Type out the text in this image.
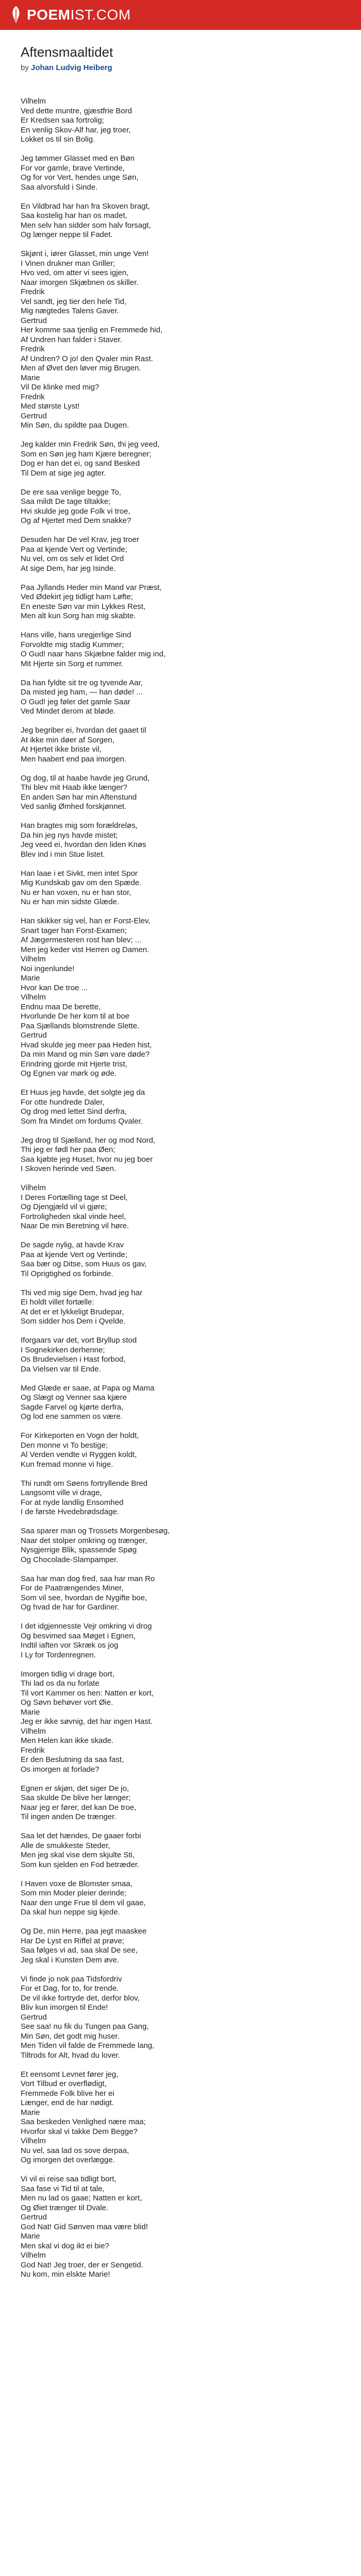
POEM IST.COM
Aftensmaaltidet
by Johan Ludvig Heiberg

Vilhelm
Ved dette muntre, gjæstfrie Bord
Er Kredsen saa fortrolig;
En venlig Skov-Alf har, jeg troer,
Lokket os til sin Bolig.

Jeg tømmer Glasset med en Bøn
For vor gamle, brave Vertinde,
Og for vor Vert, hendes unge Søn,
Saa alvorsfuld i Sinde.

En Vildbrad har han fra Skoven bragt,
Saa kostelig har han os madet,
Men selv han sidder som halv forsagt,
Og længer neppe til Fadet.

Skjønt i, iører Glasset, min unge Ven!
I Vinen drukner man Griller;
Hvo ved, om atter vi sees igjen,
Naar imorgen Skjæbnen os skiller.
Fredrik
Vel sandt, jeg tier den hele Tid,
Mig nægtedes Talens Gaver.
Gertrud
Her komme saa tjenlig en Fremmede hid,
Af Undren han falder i Staver.
Fredrik
Af Undren? O jo! den Qvaler min Rast.
Men af Øvet den løver mig Brugen.
Marie
Vil De klinke med mig?
Fredrik
Med største Lyst!
Gertrud
Min Søn, du spildte paa Dugen.

Jeg kalder min Fredrik Søn, thi jeg veed,
Som en Søn jeg ham Kjære beregner;
Dog er han det ei, og sand Besked
Til Dem at sige jeg agter.

De ere saa venlige begge To,
Saa mildt De tage tiltakke;
Hvi skulde jeg gode Folk vi troe,
Og af Hjertet med Dem snakke?

Desuden har De vel Krav, jeg troer
Paa at kjende Vert og Vertinde;
Nu vel, om os selv et lidet Ord
At sige Dem, har jeg Isinde.

Paa Jyllands Heder min Mand var Præst,
Ved Ødekirt jeg tidligt ham Løfte;
En eneste Søn var min Lykkes Rest,
Men alt kun Sorg han mig skabte.

Hans ville, hans uregjerlige Sind
Forvoldte mig stadig Kummer;
O Gud! naar hans Skjæbne falder mig ind,
Mit Hjerte sin Sorg et rummer.

Da han fyldte sit tre og tyvende Aar,
Da misted jeg ham, — han døde! ...
O Gud! jeg føler det gamle Saar
Ved Mindet derom at bløde.

Jeg begriber ei, hvordan det gaaet til
At ikke min døer af Sorgen,
At Hjertet ikke briste vil,
Men haabert end paa imorgen.

Og dog, til at haabe havde jeg Grund,
Thi blev mit Haab ikke længer?
En anden Søn har min Aftenstund
Ved sanlig Ømhed forskjønnet.

Han bragtes mig som forældreløs,
Da hin jeg nys havde mistet;
Jeg veed ei, hvordan den liden Knøs
Blev ind i min Stue listet.

Han laae i et Sivkt, men intet Spor
Mig Kundskab gav om den Spæde.
Nu er han voxen, nu er han stor,
Nu er han min sidste Glæde.

Han skikker sig vel, han er Forst-Elev,
Snart tager han Forst-Examen;
Af Jægermesteren rost han blev; ...
Men jeg keder vist Herren og Damen.
Vilhelm
Noi ingenlunde!
Marie
Hvor kan De troe ...
Vilhelm
Endnu maa De berette,
Hvorlunde De her kom til at boe
Paa Sjællands blomstrende Slette.
Gertrud
Hvad skulde jeg meer paa Heden hist,
Da min Mand og min Søn vare døde?
Erindring gjorde mit Hjerte trist,
Og Egnen var mørk og øde.

Et Huus jeg havde, det solgte jeg da
For otte hundrede Daler,
Og drog med lettet Sind derfra,
Som fra Mindet om fordums Qvaler.

Jeg drog til Sjælland, her og mod Nord,
Thi jeg er fødl her paa Øen;
Saa kjøbte jeg Huset, hvor nu jeg boer
I Skoven herinde ved Søen.

Vilhelm
I Deres Fortælling tage st Deel,
Og Djengjæld vil vi gjøre;
Fortroligheden skal vinde heel,
Naar De min Beretning vil høre.

De sagde nylig, at havde Krav
Paa at kjende Vert og Vertinde;
Saa bær og Ditse, som Huus os gav,
Til Oprigtighed os forbinde.

Thi ved mig sige Dem, hvad jeg har
Ei holdt villet fortælle:
At det er et lykkeligt Brudepar,
Som sidder hos Dem i Qvelde.

Iforgaars var det, vort Bryllup stod
I Sognekirken derhenne;
Os Brudevielsen i Hast forbod,
Da Vielsen var til Ende.

Med Glæde er saae, at Papa og Mama
Og Slægt og Venner saa kjære
Sagde Farvel og kjørte derfra,
Og lod ene sammen os være.

For Kirkeporten en Vogn der holdt,
Den monne vi To bestige;
Al Verden vendte vi Ryggen koldt,
Kun fremad monne vi hige.

Thi rundt om Søens fortryllende Bred
Langsomt ville vi drage,
For at nyde landlig Ensomhed
I de første Hvedebrødsdage.

Saa sparer man og Trossets Morgenbesøg,
Naar det stolper omkring og trænger,
Nysgjerrige Blik, spassende Spøg
Og Chocolade-Slampamper.

Saa har man dog fred, saa har man Ro
For de Paatrængendes Miner,
Som vil see, hvordan de Nygifte boe,
Og hvad de har for Gardiner.

I det idgjennesste Vejr omkring vi drog
Og besvimed saa Møget i Egnen,
Indtil iaften vor Skræk os jog
I Ly for Tordenregnen.

Imorgen tidlig vi drage bort,
Thi lad os da nu forlate
Til vort Kammer os hen: Natten er kort,
Og Søvn behøver vort Øie.
Marie
Jeg er ikke søvnig, det har ingen Hast.
Vilhelm
Men Helen kan ikke skade.
Fredrik
Er den Beslutning da saa fast,
Os imorgen at forlade?

Egnen er skjøn, det siger De jo,
Saa skulde De blive her længer;
Naar jeg er fører, det kan De troe,
Til ingen anden De trænger.

Saa let det hændes, De gaaer forbi
Alle de smukkeste Steder,
Men jeg skal vise dem skjulte Sti,
Som kun sjelden en Fod betræder.

I Haven voxe de Blomster smaa,
Som min Moder pleier derinde;
Naar den unge Frue til dem vil gaae,
Da skal hun neppe sig kjede.

Og De, min Herre, paa jegt maaskee
Har De Lyst en Riffel at prøve;
Saa følges vi ad, saa skal De see,
Jeg skal i Kunsten Dem øve.

Vi finde jo nok paa Tidsfordriv
For et Dag, for to, for trende.
De vil ikke fortryde det, derfor blov,
Bliv kun imorgen til Ende!
Gertrud
See saa! nu fik du Tungen paa Gang,
Min Søn, det godt mig huser.
Men Tiden vil falde de Fremmede lang,
Tiltrods for Alt, hvad du lover.

Et eensomt Levnet fører jeg,
Vort Tilbud er overflødigt,
Fremmede Folk blive her ei
Længer, end de har nødigt.
Marie
Saa beskeden Venlighed nære maa;
Hvorfor skal vi takke Dem Begge?
Vilhelm
Nu vel, saa lad os sove derpaa,
Og imorgen det overlægge.

Vi vil ei reise saa tidligt bort,
Saa fase vi Tid til at tale,
Men nu lad os gaae; Natten er kort,
Og Øiet trænger til Dvale.
Gertrud
God Nat! Gid Sønven maa være blid!
Marie
Men skal vi dog ikt ei bie?
Vilhelm
God Nat! Jeg troer, der er Sengetid.
Nu kom, min elskte Marie!
